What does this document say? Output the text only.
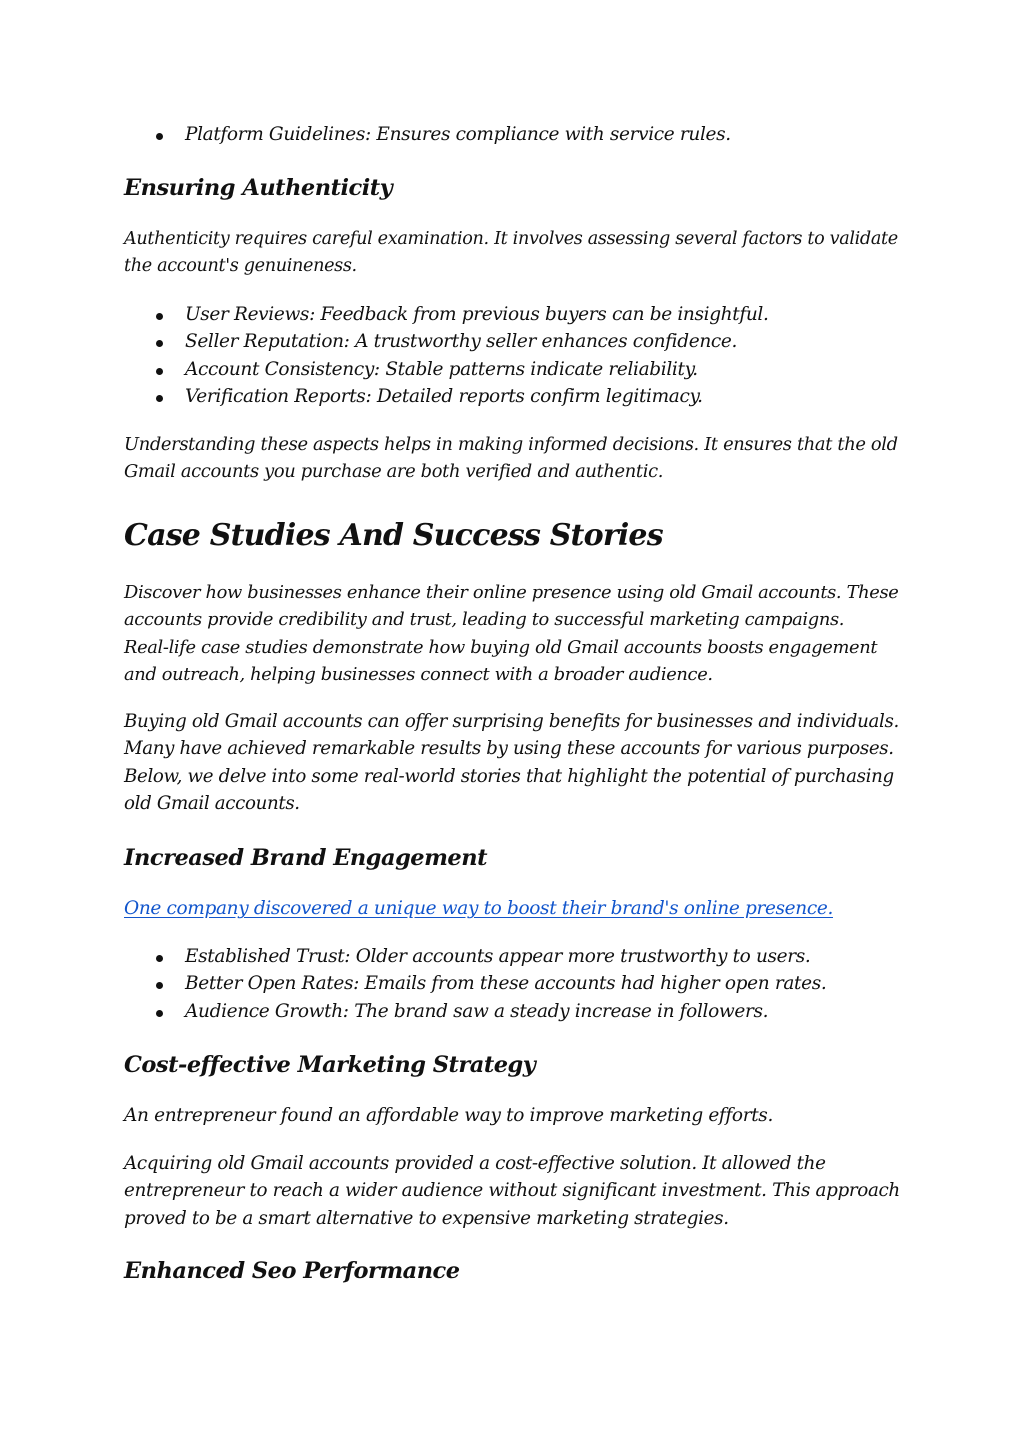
Platform Guidelines: Ensures compliance with service rules.
Ensuring Authenticity

Authenticity requires careful examination. It involves assessing several factors to validate
the account's genuineness.

User Reviews: Feedback from previous buyers can be insightful.
Seller Reputation: A trustworthy seller enhances confidence.
Account Consistency: Stable patterns indicate reliability.
Verification Reports: Detailed reports confirm legitimacy.

Understanding these aspects helps in making informed decisions. It ensures that the old
Gmail accounts you purchase are both verified and authentic.

Case Studies And Success Stories

Discover how businesses enhance their online presence using old Gmail accounts. These
accounts provide credibility and trust, leading to successful marketing campaigns.
Real-life case studies demonstrate how buying old Gmail accounts boosts engagement
and outreach, helping businesses connect with a broader audience.

Buying old Gmail accounts can offer surprising benefits for businesses and individuals.
Many have achieved remarkable results by using these accounts for various purposes.
Below, we delve into some real-world stories that highlight the potential of purchasing
old Gmail accounts.

Increased Brand Engagement

One company discovered a unique way to boost their brand's online presence.

Established Trust: Older accounts appear more trustworthy to users.
Better Open Rates: Emails from these accounts had higher open rates.
Audience Growth: The brand saw a steady increase in followers.
Cost-effective Marketing Strategy

An entrepreneur found an affordable way to improve marketing efforts.

Acquiring old Gmail accounts provided a cost-effective solution. It allowed the
entrepreneur to reach a wider audience without significant investment. This approach
proved to be a smart alternative to expensive marketing strategies.

Enhanced Seo Performance
